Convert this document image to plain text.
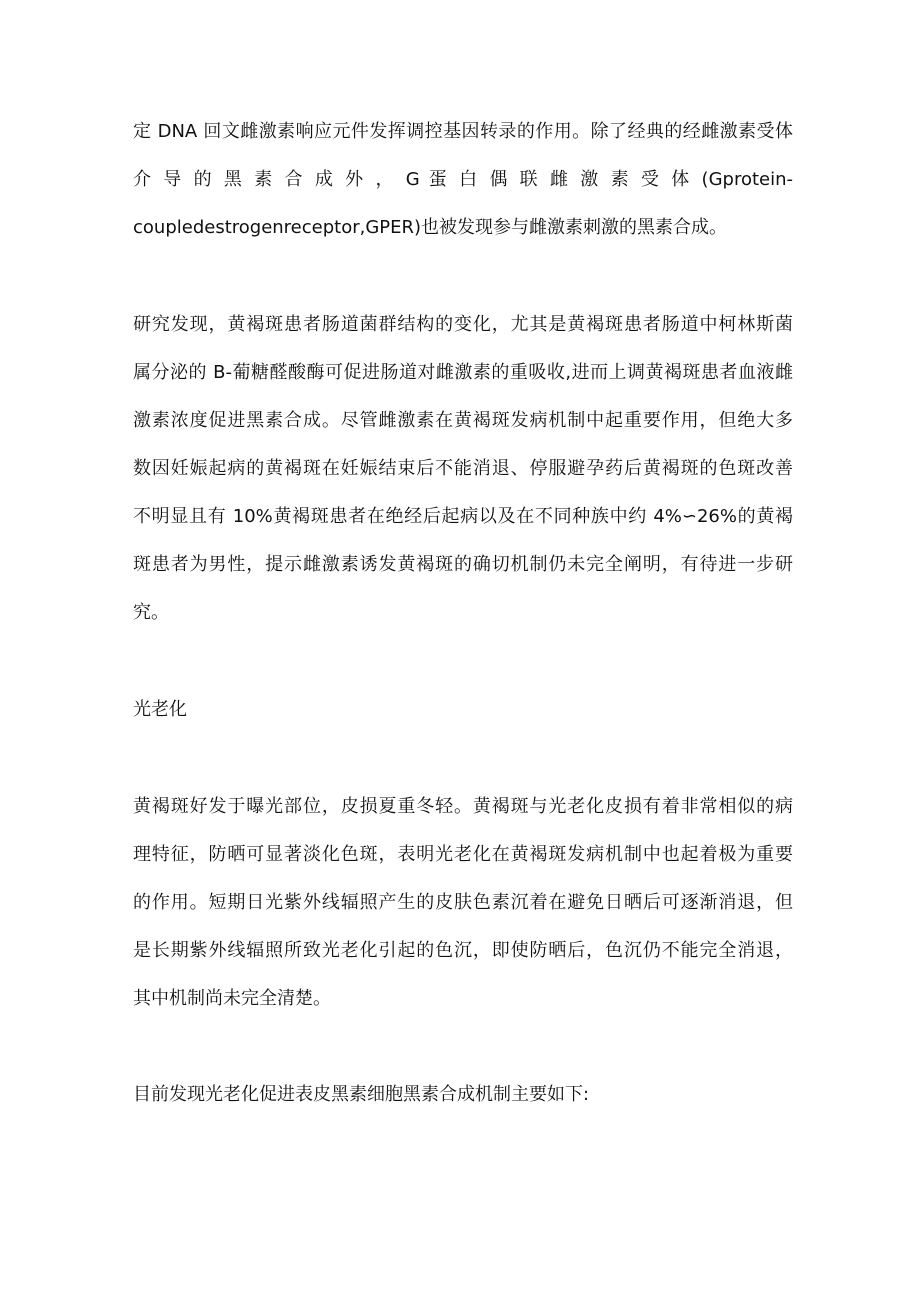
定 DNA 回文雌激素响应元件发挥调控基因转录的作用。除了经典的经雌激素受体
介 导 的 黑 素 合 成 外 ， G 蛋 白 偶 联 雌 激 素 受 体 (Gprotein-
coupledestrogenreceptor,GPER)也被发现参与雌激素刺激的黑素合成。
研究发现，黄褐斑患者肠道菌群结构的变化，尤其是黄褐斑患者肠道中柯林斯菌
属分泌的 B-葡糖醛酸酶可促进肠道对雌激素的重吸收,进而上调黄褐斑患者血液雌
激素浓度促进黑素合成。尽管雌激素在黄褐斑发病机制中起重要作用，但绝大多
数因妊娠起病的黄褐斑在妊娠结束后不能消退、停服避孕药后黄褐斑的色斑改善
不明显且有 10%黄褐斑患者在绝经后起病以及在不同种族中约 4%∽26%的黄褐
斑患者为男性，提示雌激素诱发黄褐斑的确切机制仍未完全阐明，有待进一步研
究。
光老化
黄褐斑好发于曝光部位，皮损夏重冬轻。黄褐斑与光老化皮损有着非常相似的病
理特征，防晒可显著淡化色斑，表明光老化在黄褐斑发病机制中也起着极为重要
的作用。短期日光紫外线辐照产生的皮肤色素沉着在避免日晒后可逐渐消退，但
是长期紫外线辐照所致光老化引起的色沉，即使防晒后，色沉仍不能完全消退，
其中机制尚未完全清楚。
目前发现光老化促进表皮黑素细胞黑素合成机制主要如下:
